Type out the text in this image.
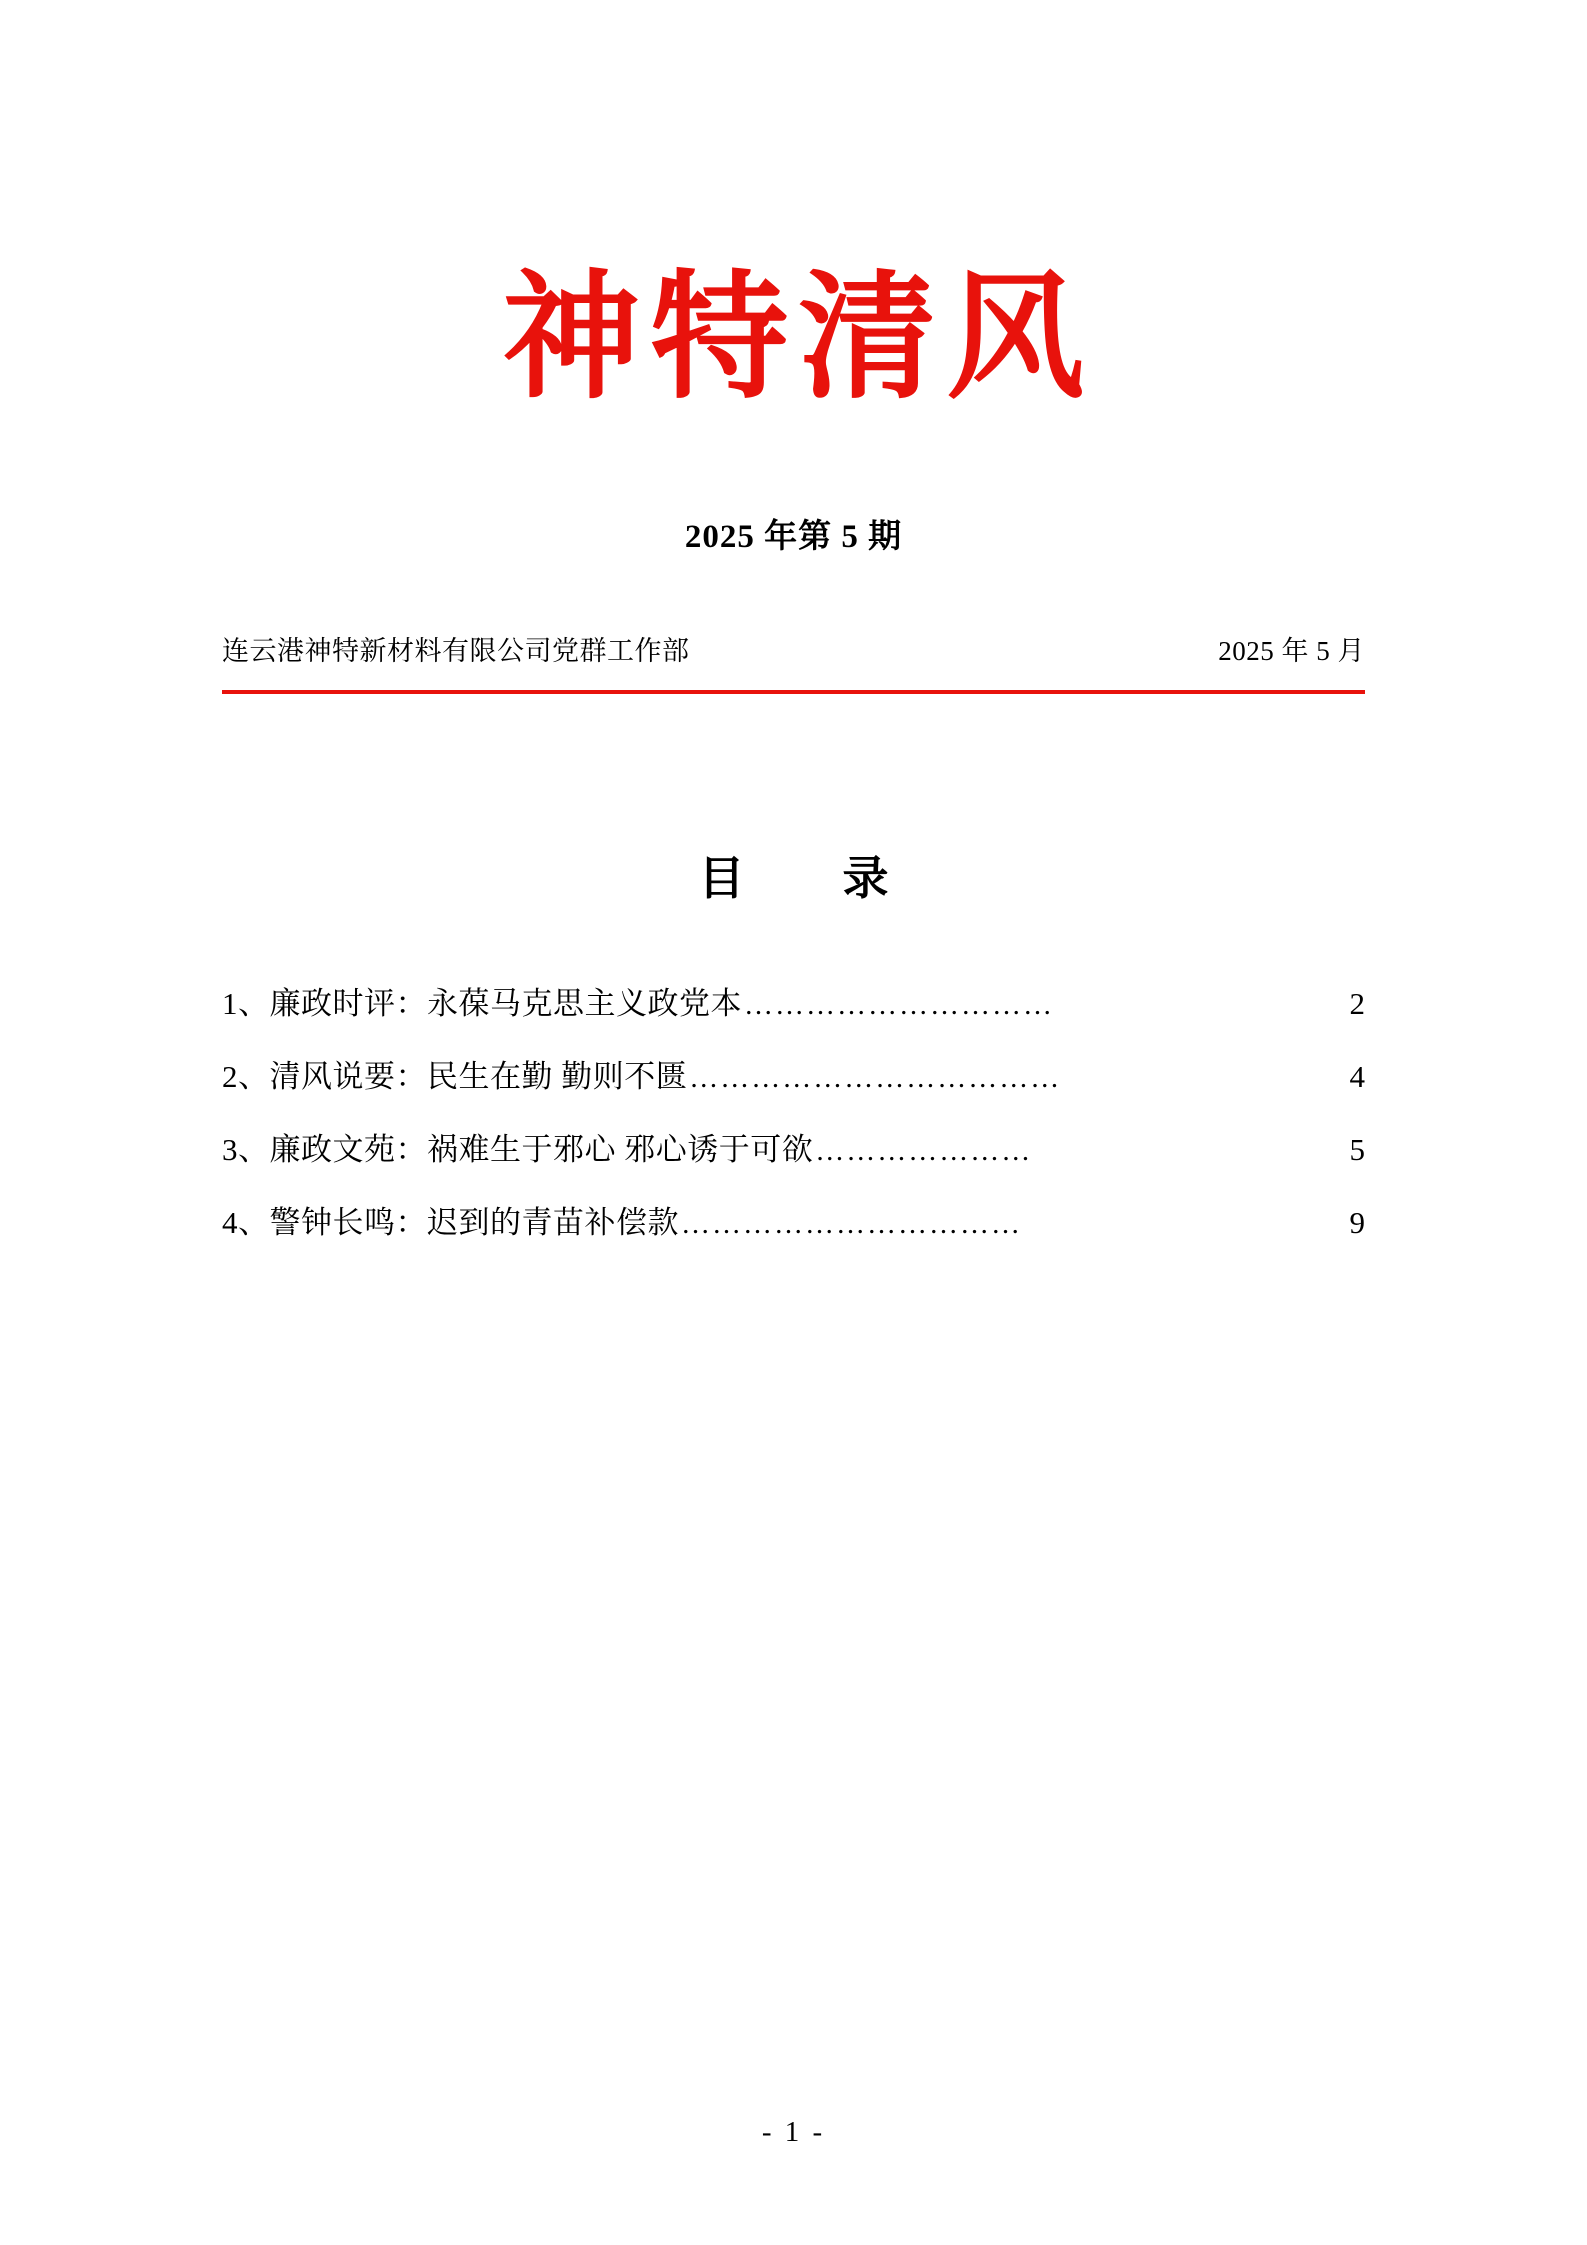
神特清风
2025 年第 5 期
连云港神特新材料有限公司党群工作部	2025 年 5 月
目　录
1、廉政时评：永葆马克思主义政党本 …………………………	2
2、清风说要：民生在勤 勤则不匮 ………………………………	4
3、廉政文苑：祸难生于邪心 邪心诱于可欲 …………………	5
4、警钟长鸣：迟到的青苗补偿款 ……………………………	9
- 1 -
